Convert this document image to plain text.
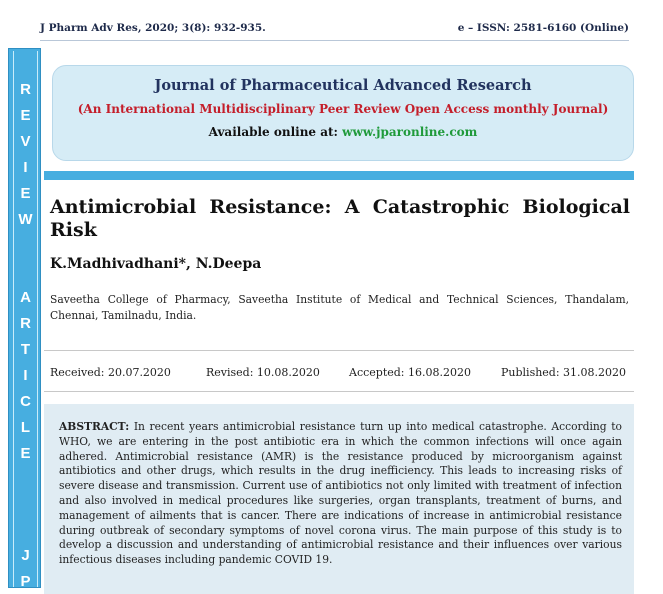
J Pharm Adv Res, 2020; 3(8): 932-935.	e – ISSN: 2581-6160 (Online)
R
E
V
I
E
W
A
R
T
I
C
L
E
J
P
Journal of Pharmaceutical Advanced Research
(An International Multidisciplinary Peer Review Open Access monthly Journal)
Available online at: www.jparonline.com
Antimicrobial Resistance: A Catastrophic Biological Risk
K.Madhivadhani*, N.Deepa
Saveetha College of Pharmacy, Saveetha Institute of Medical and Technical Sciences, Thandalam, Chennai, Tamilnadu, India.
Received: 20.07.2020	Revised: 10.08.2020	Accepted: 16.08.2020	Published: 31.08.2020
ABSTRACT: In recent years antimicrobial resistance turn up into medical catastrophe. According to WHO, we are entering in the post antibiotic era in which the common infections will once again adhered. Antimicrobial resistance (AMR) is the resistance produced by microorganism against antibiotics and other drugs, which results in the drug inefficiency. This leads to increasing risks of severe disease and transmission. Current use of antibiotics not only limited with treatment of infection and also involved in medical procedures like surgeries, organ transplants, treatment of burns, and management of ailments that is cancer. There are indications of increase in antimicrobial resistance during outbreak of secondary symptoms of novel corona virus. The main purpose of this study is to develop a discussion and understanding of antimicrobial resistance and their influences over various infectious diseases including pandemic COVID 19.
